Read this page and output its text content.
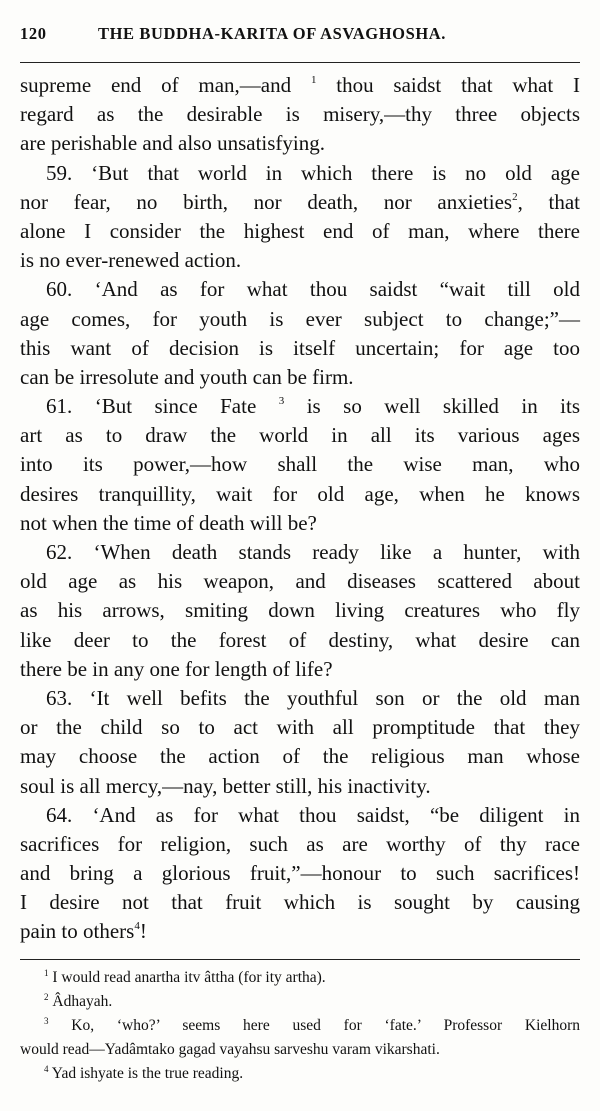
120	THE BUDDHA-KARITA OF ASVAGHOSHA.
supreme end of man,—and $^1$ thou saidst that what I
regard as the desirable is misery,—thy three objects
are perishable and also unsatisfying.
59. ‘But that world in which there is no old age
nor fear, no birth, nor death, nor anxieties$^2$, that
alone I consider the highest end of man, where there
is no ever-renewed action.
60. ‘And as for what thou saidst “wait till old
age comes, for youth is ever subject to change;”—
this want of decision is itself uncertain; for age too
can be irresolute and youth can be firm.
61. ‘But since Fate $^3$ is so well skilled in its
art as to draw the world in all its various ages
into its power,—how shall the wise man, who
desires tranquillity, wait for old age, when he knows
not when the time of death will be?
62. ‘When death stands ready like a hunter, with
old age as his weapon, and diseases scattered about
as his arrows, smiting down living creatures who fly
like deer to the forest of destiny, what desire can
there be in any one for length of life?
63. ‘It well befits the youthful son or the old man
or the child so to act with all promptitude that they
may choose the action of the religious man whose
soul is all mercy,—nay, better still, his inactivity.
64. ‘And as for what thou saidst, “be diligent in
sacrifices for religion, such as are worthy of thy race
and bring a glorious fruit,”—honour to such sacrifices!
I desire not that fruit which is sought by causing
pain to others$^4$!
$^1$ I would read anartha itv âttha (for ity artha).
$^2$ Âdhayah.
$^3$ Ko, ‘who?’ seems here used for ‘fate.’ Professor Kielhorn
would read—Yadâmtako gagad vayahsu sarveshu varam vikarshati.
$^4$ Yad ishyate is the true reading.
